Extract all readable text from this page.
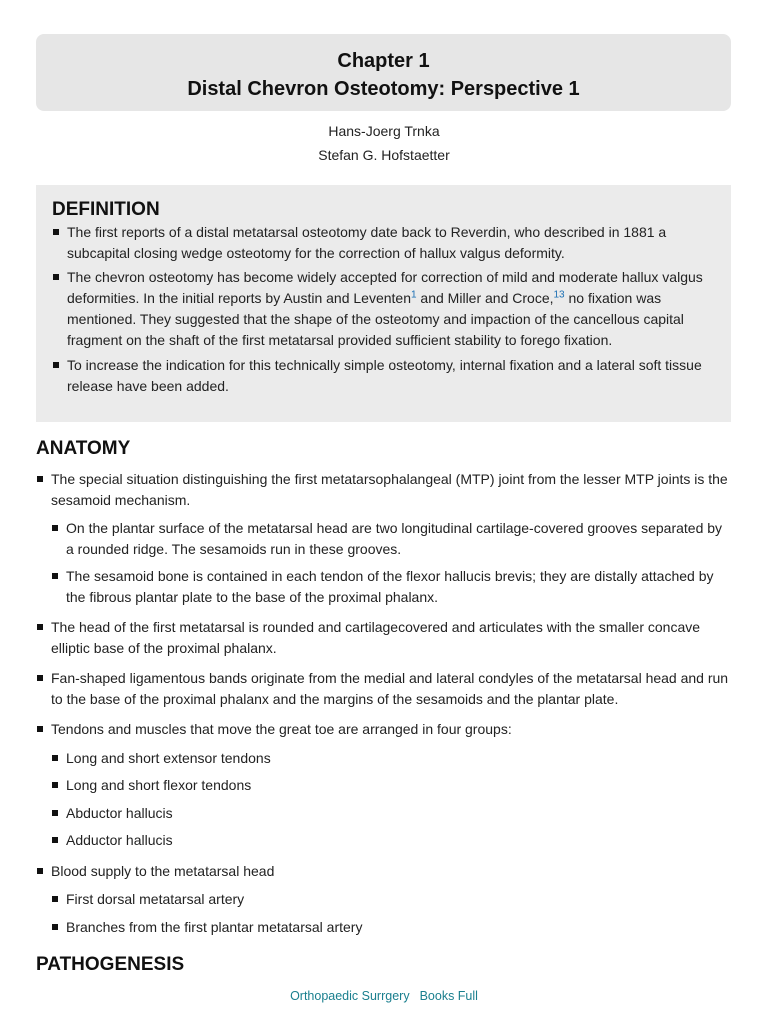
Chapter 1
Distal Chevron Osteotomy: Perspective 1
Hans-Joerg Trnka
Stefan G. Hofstaetter
DEFINITION
The first reports of a distal metatarsal osteotomy date back to Reverdin, who described in 1881 a subcapital closing wedge osteotomy for the correction of hallux valgus deformity.
The chevron osteotomy has become widely accepted for correction of mild and moderate hallux valgus deformities. In the initial reports by Austin and Leventen$^1$ and Miller and Croce,$^{13}$ no fixation was mentioned. They suggested that the shape of the osteotomy and impaction of the cancellous capital fragment on the shaft of the first metatarsal provided sufficient stability to forego fixation.
To increase the indication for this technically simple osteotomy, internal fixation and a lateral soft tissue release have been added.
ANATOMY
The special situation distinguishing the first metatarsophalangeal (MTP) joint from the lesser MTP joints is the sesamoid mechanism.
On the plantar surface of the metatarsal head are two longitudinal cartilage-covered grooves separated by a rounded ridge. The sesamoids run in these grooves.
The sesamoid bone is contained in each tendon of the flexor hallucis brevis; they are distally attached by the fibrous plantar plate to the base of the proximal phalanx.
The head of the first metatarsal is rounded and cartilagecovered and articulates with the smaller concave elliptic base of the proximal phalanx.
Fan-shaped ligamentous bands originate from the medial and lateral condyles of the metatarsal head and run to the base of the proximal phalanx and the margins of the sesamoids and the plantar plate.
Tendons and muscles that move the great toe are arranged in four groups:
Long and short extensor tendons
Long and short flexor tendons
Abductor hallucis
Adductor hallucis
Blood supply to the metatarsal head
First dorsal metatarsal artery
Branches from the first plantar metatarsal artery
PATHOGENESIS
Orthopaedic Surrgery Books Full
